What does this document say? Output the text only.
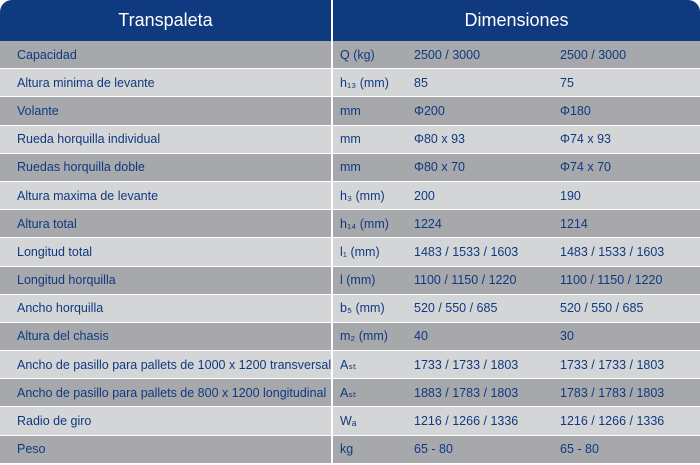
Transpaleta	Dimensiones
Capacidad	Q (kg)	2500 / 3000	2500 / 3000
Altura minima de levante	h₁₃ (mm)	85	75
Volante	mm	Φ200	Φ180
Rueda horquilla individual	mm	Φ80 x 93	Φ74 x 93
Ruedas horquilla doble	mm	Φ80 x 70	Φ74 x 70
Altura maxima de levante	h₃ (mm)	200	190
Altura total	h₁₄ (mm)	1224	1214
Longitud total	l₁ (mm)	1483 / 1533 / 1603	1483 / 1533 / 1603
Longitud horquilla	l (mm)	1100 / 1150 / 1220	1100 / 1150 / 1220
Ancho horquilla	b₅ (mm)	520 / 550 / 685	520 / 550 / 685
Altura del chasis	m₂ (mm)	40	30
Ancho de pasillo para pallets de 1000 x 1200 transversal Aₛₜ	1733 / 1733 / 1803	1733 / 1733 / 1803
Ancho de pasillo para pallets de 800 x 1200 longitudinal Aₛₜ	1883 / 1783 / 1803	1783 / 1783 / 1803
Radio de giro	Wₐ	1216 / 1266 / 1336	1216 / 1266 / 1336
Peso	kg	65 - 80	65 - 80
